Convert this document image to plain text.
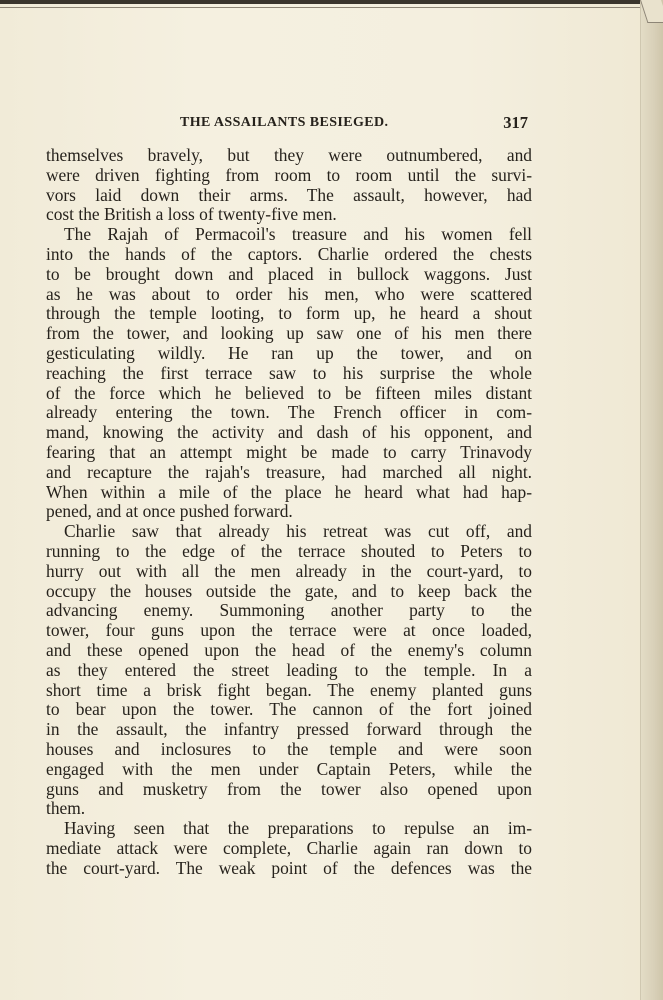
THE ASSAILANTS BESIEGED.	317
themselves bravely, but they were outnumbered, and
were driven fighting from room to room until the survi-
vors laid down their arms. The assault, however, had
cost the British a loss of twenty-five men.
The Rajah of Permacoil's treasure and his women fell
into the hands of the captors. Charlie ordered the chests
to be brought down and placed in bullock waggons. Just
as he was about to order his men, who were scattered
through the temple looting, to form up, he heard a shout
from the tower, and looking up saw one of his men there
gesticulating wildly. He ran up the tower, and on
reaching the first terrace saw to his surprise the whole
of the force which he believed to be fifteen miles distant
already entering the town. The French officer in com-
mand, knowing the activity and dash of his opponent, and
fearing that an attempt might be made to carry Trinavody
and recapture the rajah's treasure, had marched all night.
When within a mile of the place he heard what had hap-
pened, and at once pushed forward.
Charlie saw that already his retreat was cut off, and
running to the edge of the terrace shouted to Peters to
hurry out with all the men already in the court-yard, to
occupy the houses outside the gate, and to keep back the
advancing enemy. Summoning another party to the
tower, four guns upon the terrace were at once loaded,
and these opened upon the head of the enemy's column
as they entered the street leading to the temple. In a
short time a brisk fight began. The enemy planted guns
to bear upon the tower. The cannon of the fort joined
in the assault, the infantry pressed forward through the
houses and inclosures to the temple and were soon
engaged with the men under Captain Peters, while the
guns and musketry from the tower also opened upon
them.
Having seen that the preparations to repulse an im-
mediate attack were complete, Charlie again ran down to
the court-yard. The weak point of the defences was the
